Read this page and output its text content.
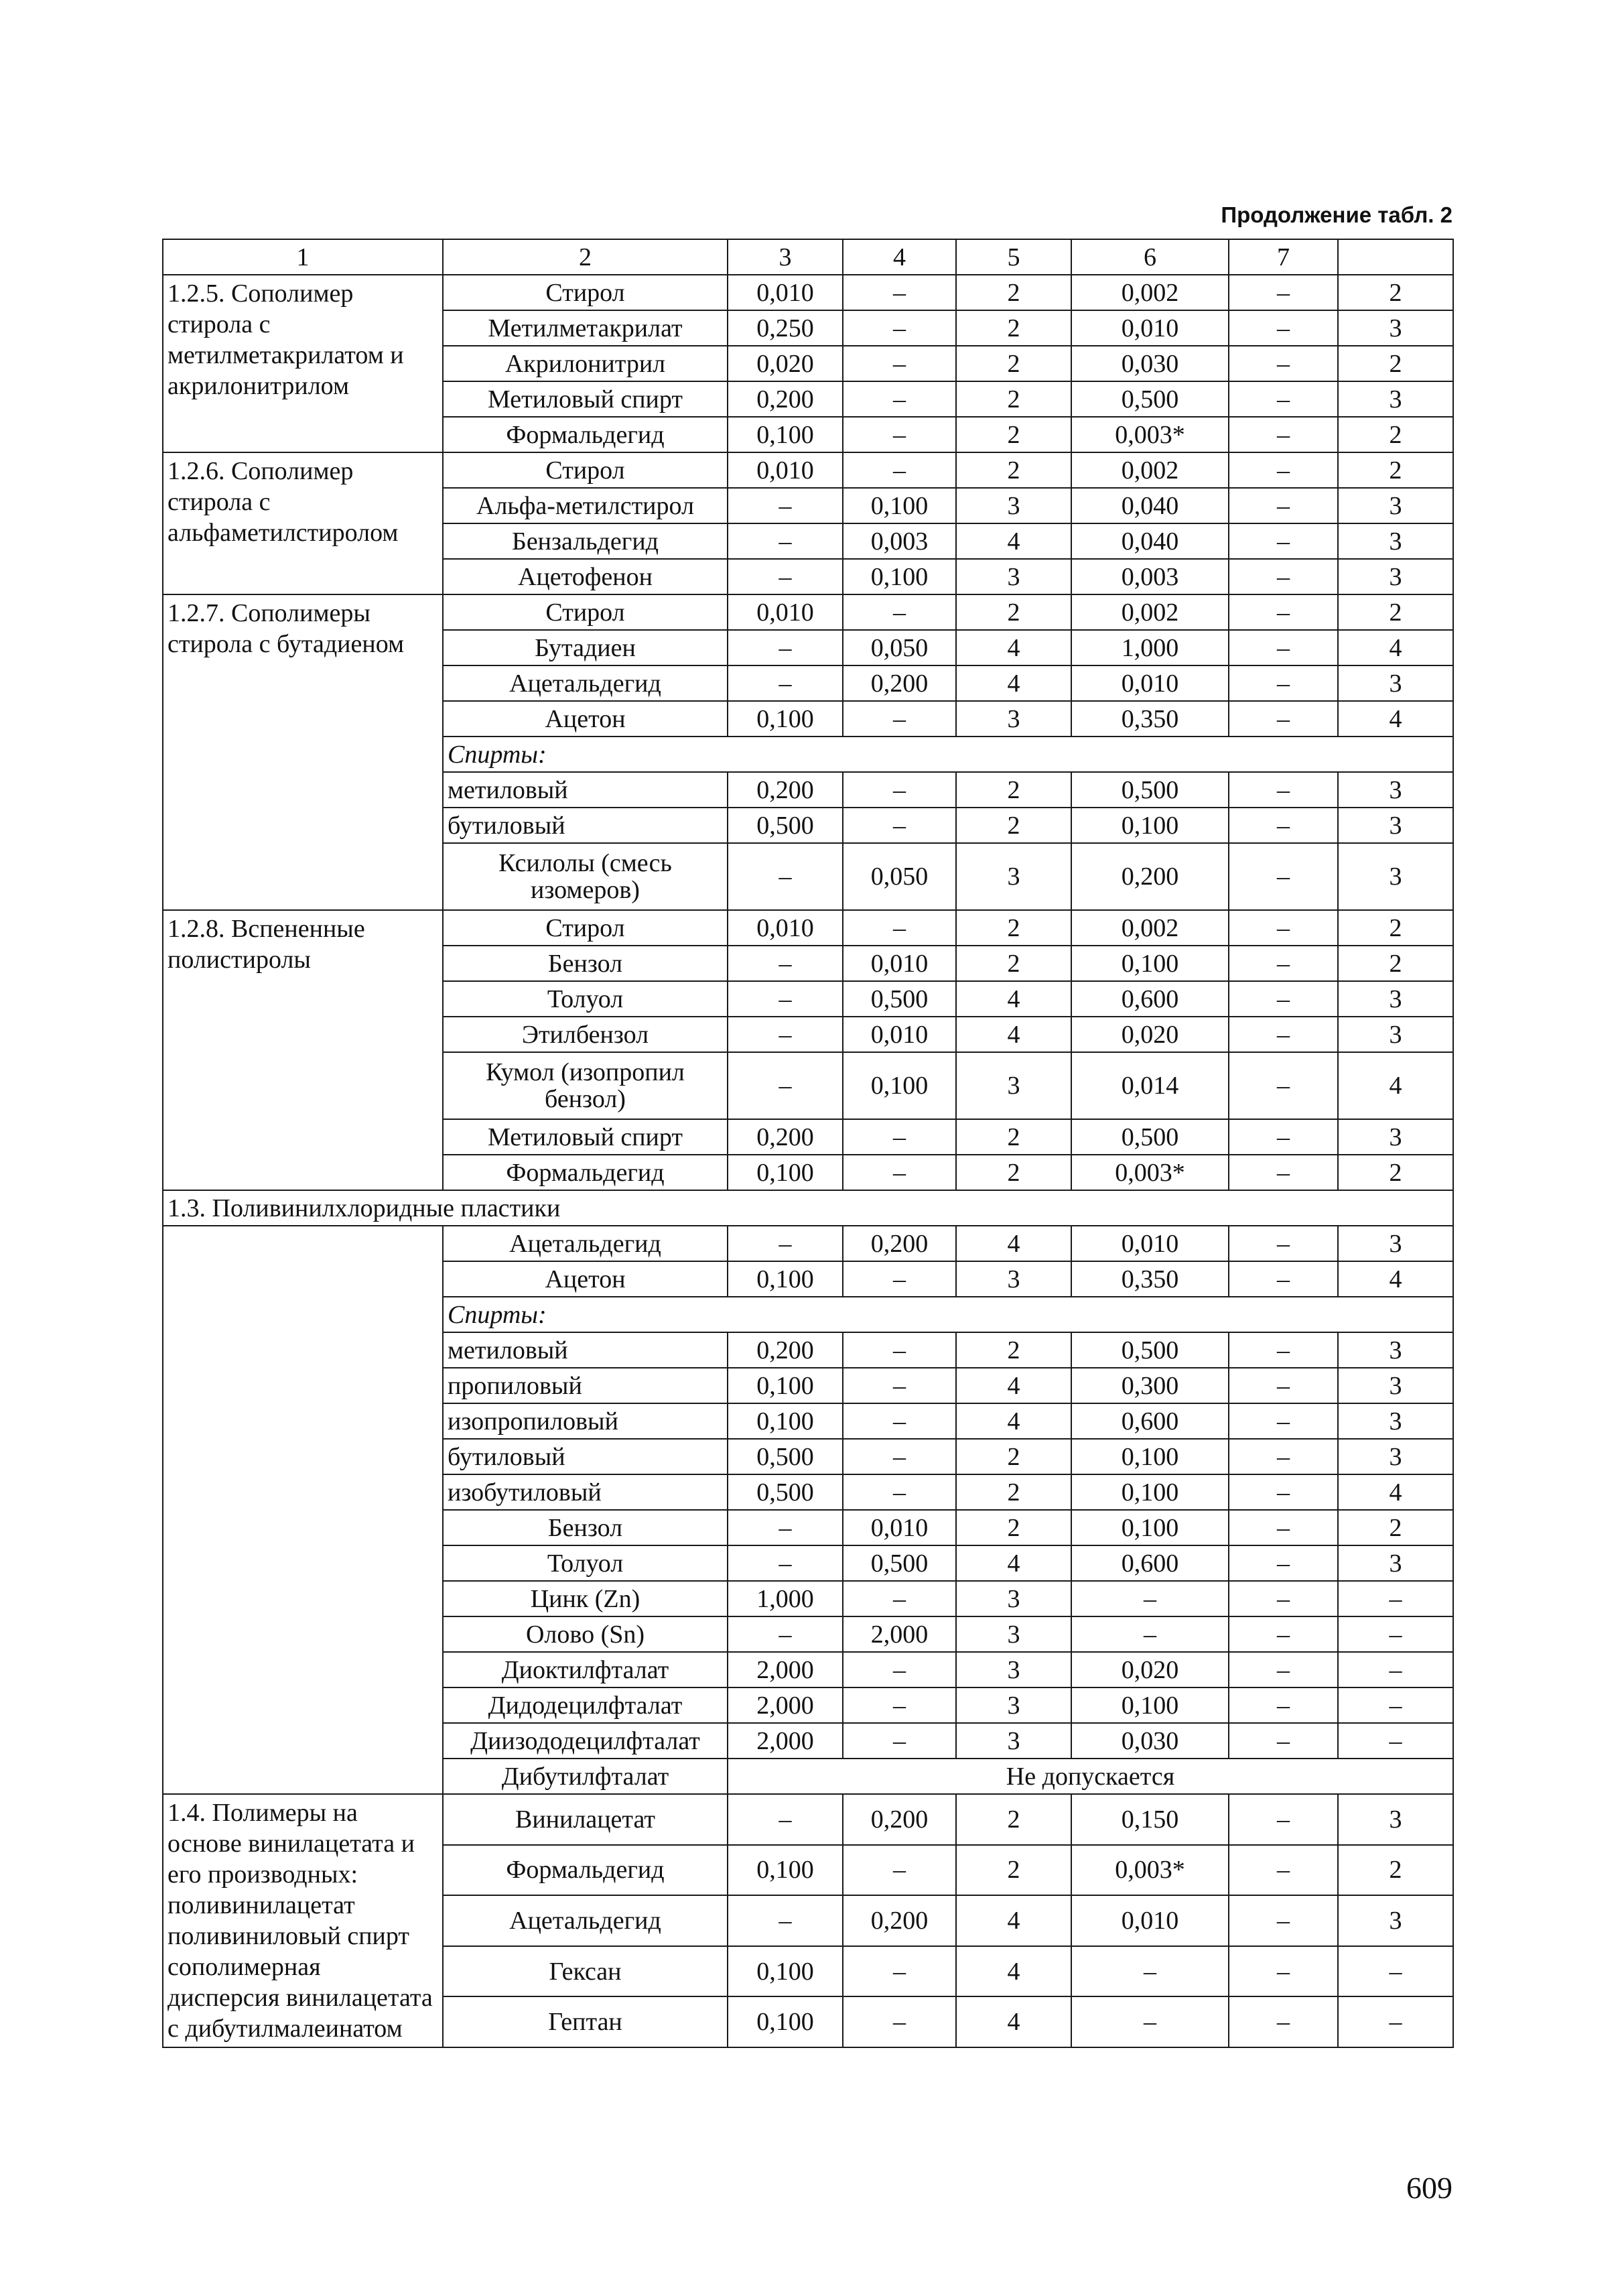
Продолжение табл. 2
1	2	3	4	5	6	7	
1.2.5. Сополимер стирола с метилметакрилатом и акрилонитрилом	Стирол	0,010	–	2	0,002	–	2
	Метилметакрилат	0,250	–	2	0,010	–	3
	Акрилонитрил	0,020	–	2	0,030	–	2
	Метиловый спирт	0,200	–	2	0,500	–	3
	Формальдегид	0,100	–	2	0,003*	–	2
1.2.6. Сополимер стирола с альфаметилстиролом	Стирол	0,010	–	2	0,002	–	2
	Альфа-метилстирол	–	0,100	3	0,040	–	3
	Бензальдегид	–	0,003	4	0,040	–	3
	Ацетофенон	–	0,100	3	0,003	–	3
1.2.7. Сополимеры стирола с бутадиеном	Стирол	0,010	–	2	0,002	–	2
	Бутадиен	–	0,050	4	1,000	–	4
	Ацетальдегид	–	0,200	4	0,010	–	3
	Ацетон	0,100	–	3	0,350	–	4
	Спирты:						
	метиловый	0,200	–	2	0,500	–	3
	бутиловый	0,500	–	2	0,100	–	3
	Ксилолы (смесь изомеров)	–	0,050	3	0,200	–	3
1.2.8. Вспененные полистиролы	Стирол	0,010	–	2	0,002	–	2
	Бензол	–	0,010	2	0,100	–	2
	Толуол	–	0,500	4	0,600	–	3
	Этилбензол	–	0,010	4	0,020	–	3
	Кумол (изопропил бензол)	–	0,100	3	0,014	–	4
	Метиловый спирт	0,200	–	2	0,500	–	3
	Формальдегид	0,100	–	2	0,003*	–	2
1.3. Поливинилхлоридные пластики							
	Ацетальдегид	–	0,200	4	0,010	–	3
	Ацетон	0,100	–	3	0,350	–	4
	Спирты:						
	метиловый	0,200	–	2	0,500	–	3
	пропиловый	0,100	–	4	0,300	–	3
	изопропиловый	0,100	–	4	0,600	–	3
	бутиловый	0,500	–	2	0,100	–	3
	изобутиловый	0,500	–	2	0,100	–	4
	Бензол	–	0,010	2	0,100	–	2
	Толуол	–	0,500	4	0,600	–	3
	Цинк (Zn)	1,000	–	3	–	–	–
	Олово (Sn)	–	2,000	3	–	–	–
	Диоктилфталат	2,000	–	3	0,020	–	–
	Дидодецилфталат	2,000	–	3	0,100	–	–
	Диизододецилфталат	2,000	–	3	0,030	–	–
	Дибутилфталат	Не допускается					
1.4. Полимеры на основе винилацетата и его производных: поливинилацетат поливиниловый спирт сополимерная дисперсия винилацетата с дибутилмалеинатом	Винилацетат	–	0,200	2	0,150	–	3
	Формальдегид	0,100	–	2	0,003*	–	2
	Ацетальдегид	–	0,200	4	0,010	–	3
	Гексан	0,100	–	4	–	–	–
	Гептан	0,100	–	4	–	–	–
609
